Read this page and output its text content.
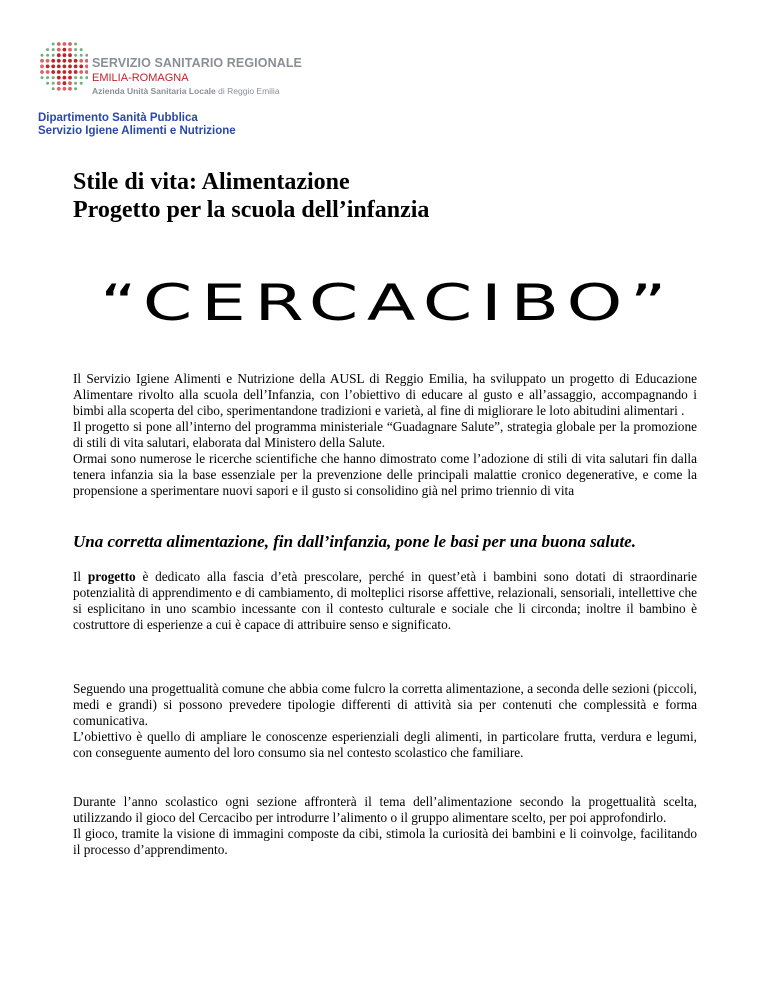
SERVIZIO SANITARIO REGIONALE
EMILIA-ROMAGNA
Azienda Unità Sanitaria Locale di Reggio Emilia
Dipartimento Sanità Pubblica
Servizio Igiene Alimenti e Nutrizione
Stile di vita: Alimentazione
Progetto per la scuola dell’infanzia
“CERCACIBO”
Il Servizio Igiene Alimenti e Nutrizione della AUSL di Reggio Emilia, ha sviluppato un progetto di Educazione Alimentare rivolto alla scuola dell’Infanzia, con l’obiettivo di educare al gusto e all’assaggio, accompagnando i bimbi alla scoperta del cibo, sperimentandone tradizioni e varietà, al fine di migliorare le loto abitudini alimentari .
Il progetto si pone all’interno del programma ministeriale “Guadagnare Salute”, strategia globale per la promozione di stili di vita salutari, elaborata dal Ministero della Salute.
Ormai sono numerose le ricerche scientifiche che hanno dimostrato come l’adozione di stili di vita salutari fin dalla tenera infanzia sia la base essenziale per la prevenzione delle principali malattie cronico degenerative, e come la propensione a sperimentare nuovi sapori e il gusto si consolidino già nel primo triennio di vita
Una corretta alimentazione, fin dall’infanzia, pone le basi per una buona salute.

Il progetto è dedicato alla fascia d’età prescolare, perché in quest’età i bambini sono dotati di straordinarie potenzialità di apprendimento e di cambiamento, di molteplici risorse affettive, relazionali, sensoriali, intellettive che si esplicitano in uno scambio incessante con il contesto culturale e sociale che li circonda; inoltre il bambino è costruttore di esperienze a cui è capace di attribuire senso e significato.

Seguendo una progettualità comune che abbia come fulcro la corretta alimentazione, a seconda delle sezioni (piccoli, medi e grandi) si possono prevedere tipologie differenti di attività sia per contenuti che complessità e forma comunicativa.

L’obiettivo è quello di ampliare le conoscenze esperienziali degli alimenti, in particolare frutta, verdura e legumi, con conseguente aumento del loro consumo sia nel contesto scolastico che familiare.

Durante l’anno scolastico ogni sezione affronterà il tema dell’alimentazione secondo la progettualità scelta, utilizzando il gioco del Cercacibo per introdurre l’alimento o il gruppo alimentare scelto, per poi approfondirlo.

Il gioco, tramite la visione di immagini composte da cibi, stimola la curiosità dei bambini e li coinvolge, facilitando il processo d’apprendimento.
